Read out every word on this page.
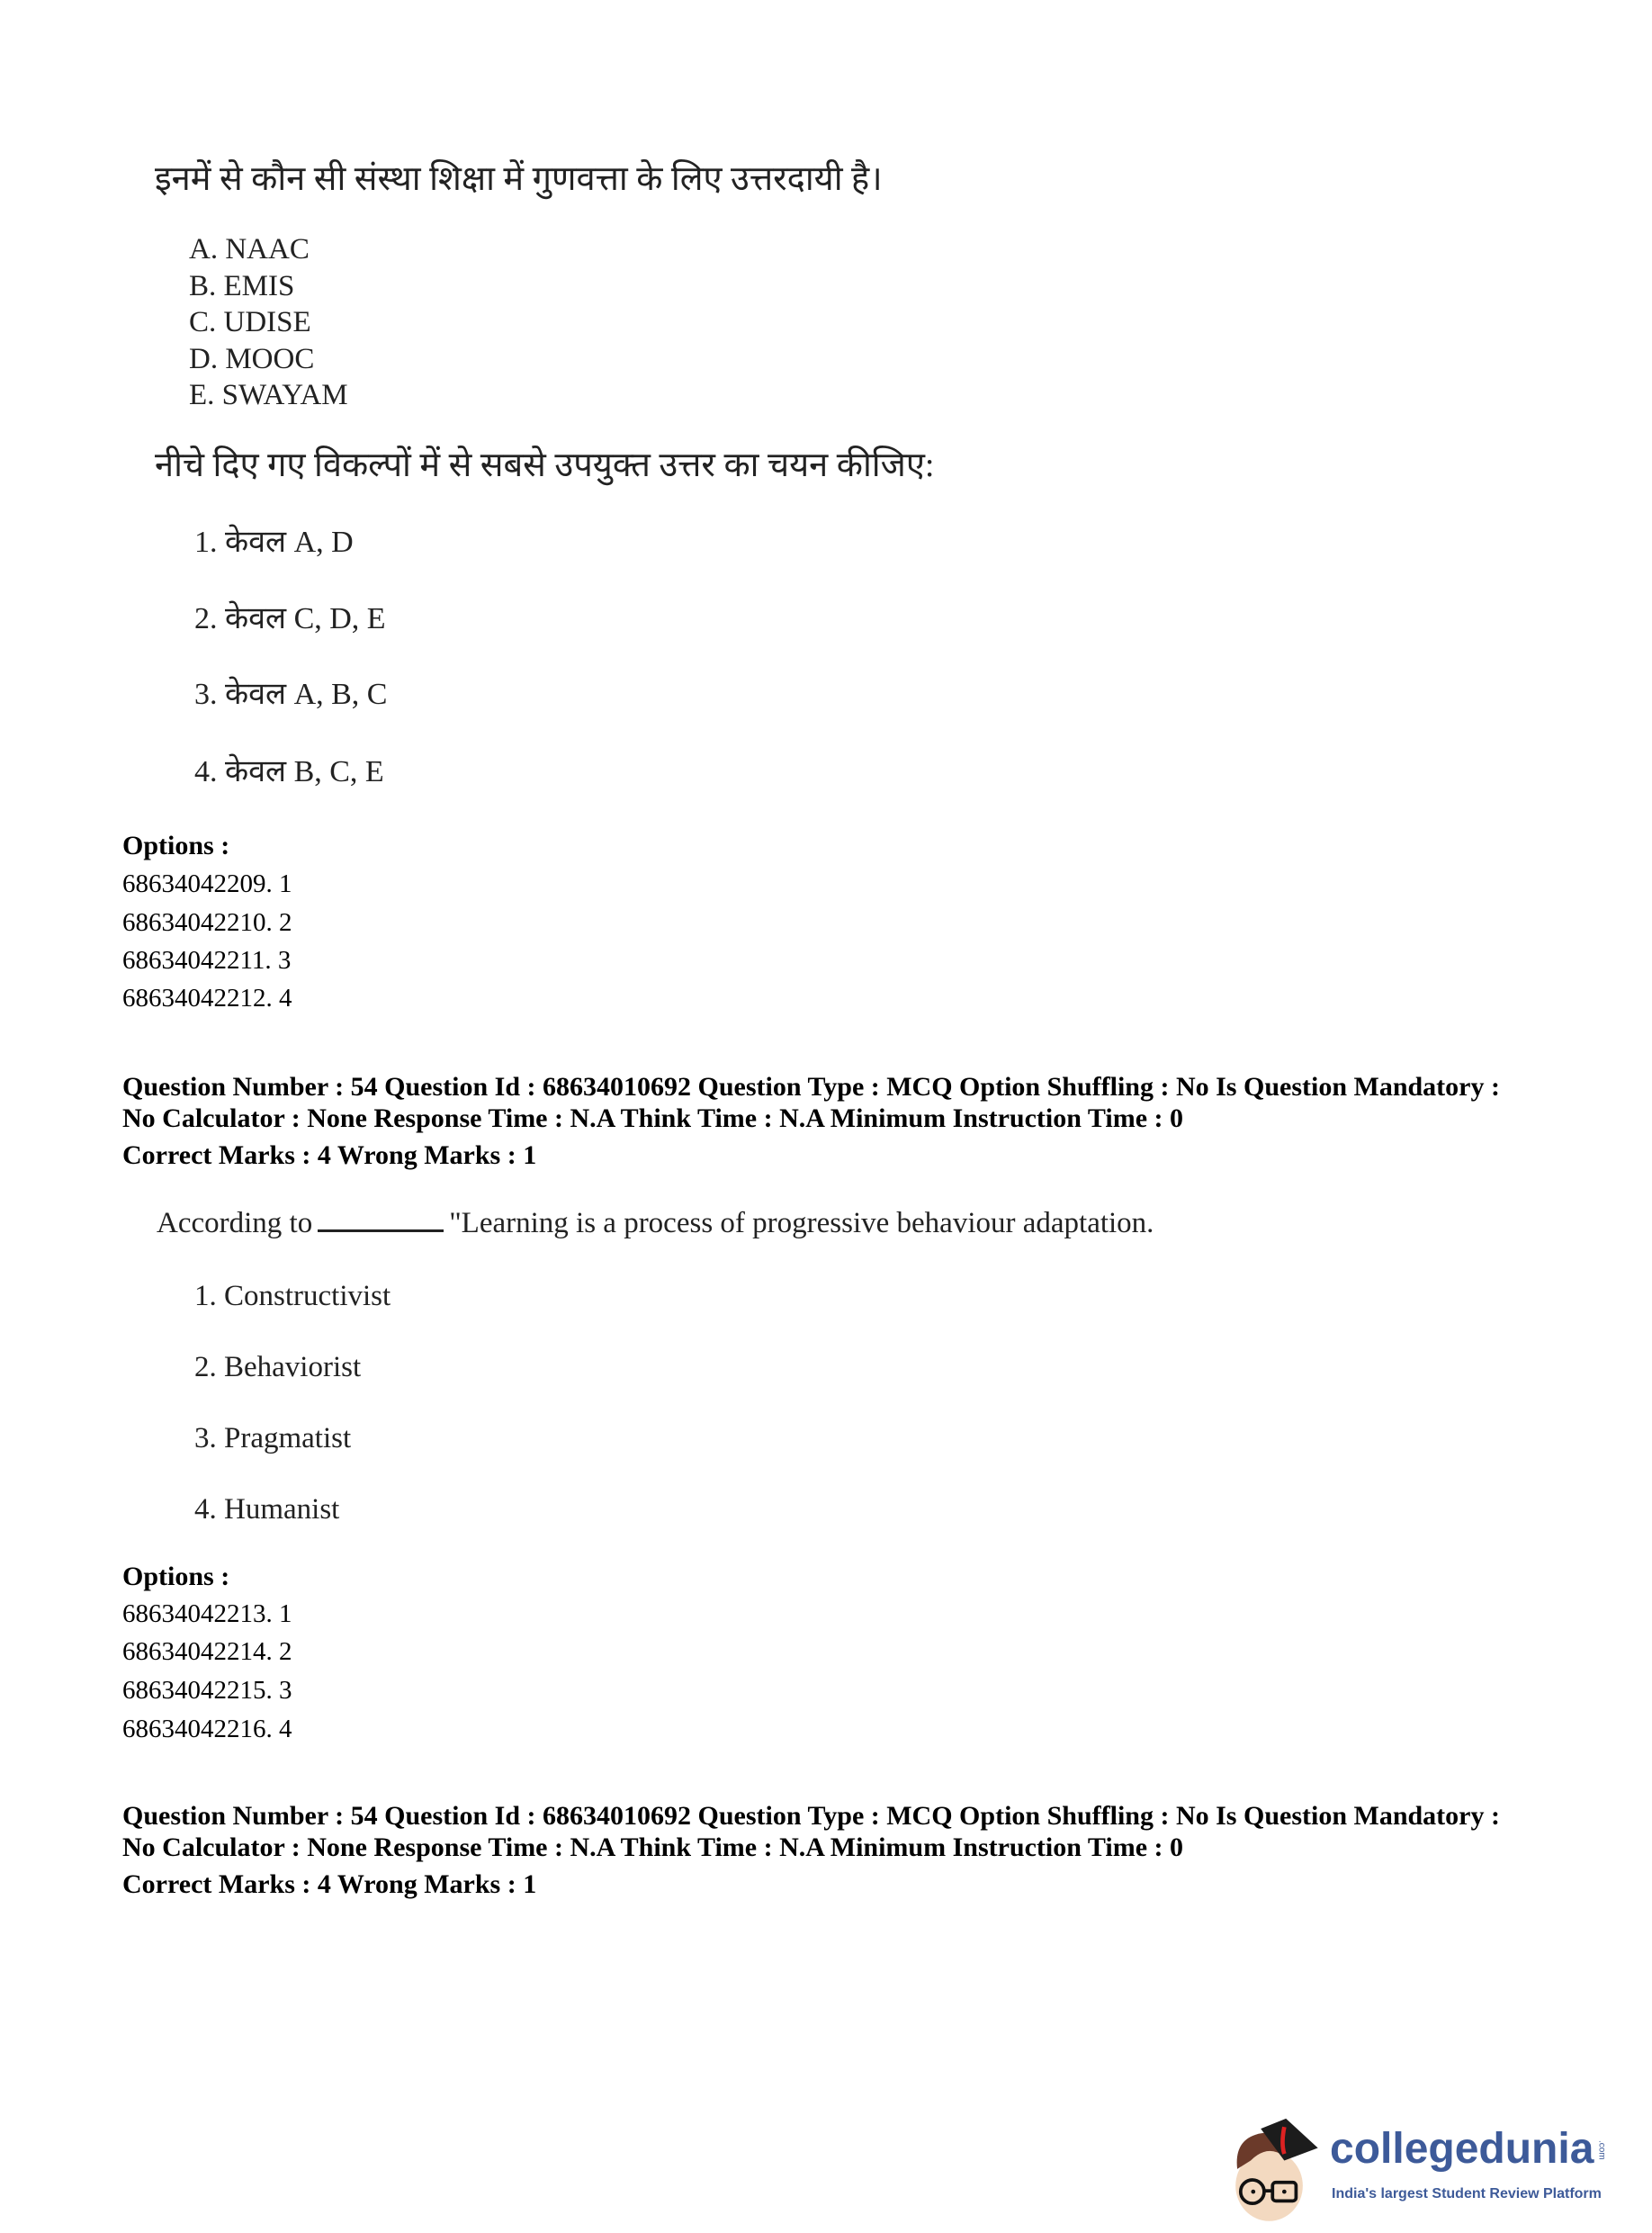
इनमें से कौन सी संस्था शिक्षा में गुणवत्ता के लिए उत्तरदायी है।
A. NAAC
B. EMIS
C. UDISE
D. MOOC
E. SWAYAM
नीचे दिए गए विकल्पों में से सबसे उपयुक्त उत्तर का चयन कीजिए:
1. केवल A, D
2. केवल C, D, E
3. केवल A, B, C
4. केवल B, C, E
Options :
68634042209. 1
68634042210. 2
68634042211. 3
68634042212. 4
Question Number : 54 Question Id : 68634010692 Question Type : MCQ Option Shuffling : No Is Question Mandatory :
No Calculator : None Response Time : N.A Think Time : N.A Minimum Instruction Time : 0
Correct Marks : 4 Wrong Marks : 1
According to	"Learning is a process of progressive behaviour adaptation.
1. Constructivist
2. Behaviorist
3. Pragmatist
4. Humanist
Options :
68634042213. 1
68634042214. 2
68634042215. 3
68634042216. 4
Question Number : 54 Question Id : 68634010692 Question Type : MCQ Option Shuffling : No Is Question Mandatory :
No Calculator : None Response Time : N.A Think Time : N.A Minimum Instruction Time : 0
Correct Marks : 4 Wrong Marks : 1
collegedunia .com
India's largest Student Review Platform
